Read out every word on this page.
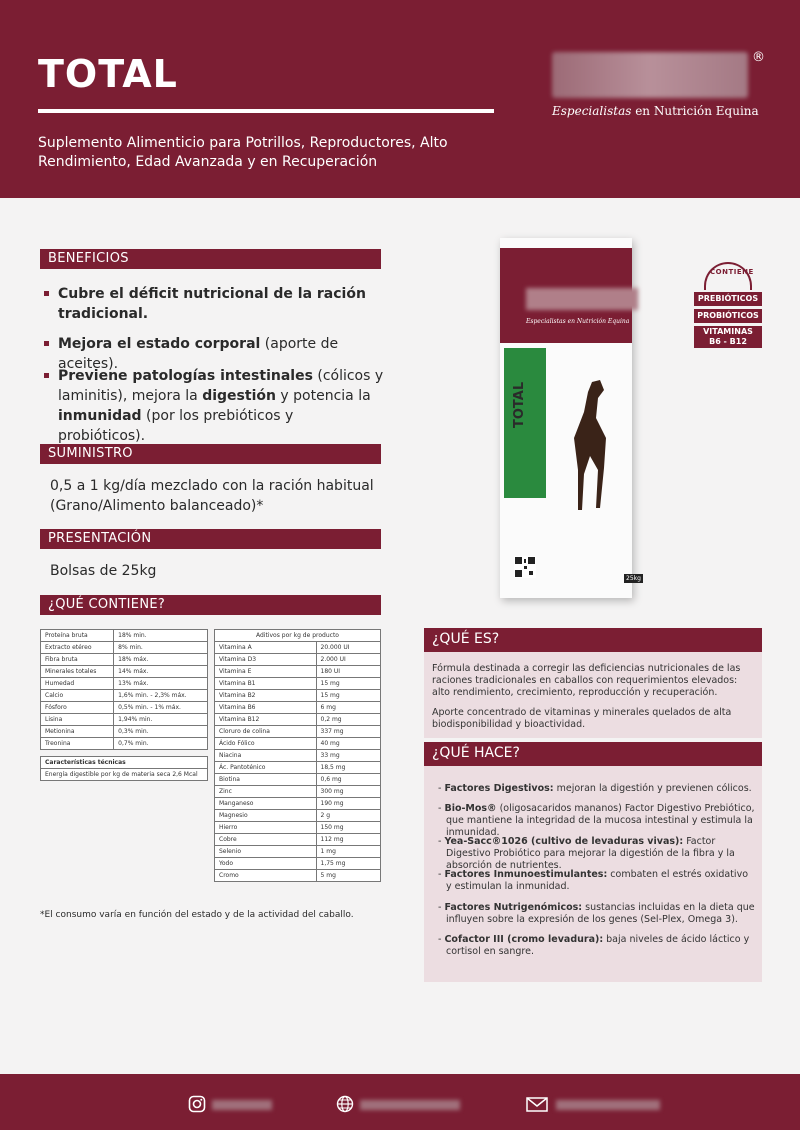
TOTAL
Suplemento Alimenticio para Potrillos, Reproductores, Alto Rendimiento, Edad Avanzada y en Recuperación
®
Especialistas en Nutrición Equina
BENEFICIOS
Cubre el déficit nutricional de la ración tradicional.
Mejora el estado corporal (aporte de aceites).
Previene patologías intestinales (cólicos y laminitis), mejora la digestión y potencia la inmunidad (por los prebióticos y probióticos).
SUMINISTRO
0,5 a 1 kg/día mezclado con la ración habitual (Grano/Alimento balanceado)*
PRESENTACIÓN
Bolsas de 25kg
¿QUÉ CONTIENE?
Proteína bruta	18% min.
Extracto etéreo	8% min.
Fibra bruta	18% máx.
Minerales totales	14% máx.
Humedad	13% máx.
Calcio	1,6% min. - 2,3% máx.
Fósforo	0,5% min. - 1% máx.
Lisina	1,94% min.
Metionina	0,3% min.
Treonina	0,7% min.
Características técnicas
Energía digestible por kg de materia seca 2,6 Mcal
Aditivos por kg de producto	
Vitamina A	20.000 UI
Vitamina D3	2.000 UI
Vitamina E	180 UI
Vitamina B1	15 mg
Vitamina B2	15 mg
Vitamina B6	6 mg
Vitamina B12	0,2 mg
Cloruro de colina	337 mg
Ácido Fólico	40 mg
Niacina	33 mg
Ác. Pantoténico	18,5 mg
Biotina	0,6 mg
Zinc	300 mg
Manganeso	190 mg
Magnesio	2 g
Hierro	150 mg
Cobre	112 mg
Selenio	1 mg
Yodo	1,75 mg
Cromo	5 mg
*El consumo varía en función del estado y de la actividad del caballo.
Especialistas en Nutrición Equina
TOTAL
25kg
CONTIENE
PREBIÓTICOS
PROBIÓTICOS
VITAMINAS
B6 - B12
¿QUÉ ES?
Fórmula destinada a corregir las deficiencias nutricionales de las raciones tradicionales en caballos con requerimientos elevados: alto rendimiento, crecimiento, reproducción y recuperación.
Aporte concentrado de vitaminas y minerales quelados de alta biodisponibilidad y bioactividad.
¿QUÉ HACE?
- Factores Digestivos: mejoran la digestión y previenen cólicos.
- Bio-Mos® (oligosacaridos mananos) Factor Digestivo Prebiótico, que mantiene la integridad de la mucosa intestinal y estimula la inmunidad.
- Yea-Sacc®1026 (cultivo de levaduras vivas): Factor Digestivo Probiótico para mejorar la digestión de la fibra y la absorción de nutrientes.
- Factores Inmunoestimulantes: combaten el estrés oxidativo y estimulan la inmunidad.
- Factores Nutrigenómicos: sustancias incluidas en la dieta que influyen sobre la expresión de los genes (Sel-Plex, Omega 3).
- Cofactor III (cromo levadura): baja niveles de ácido láctico y cortisol en sangre.
